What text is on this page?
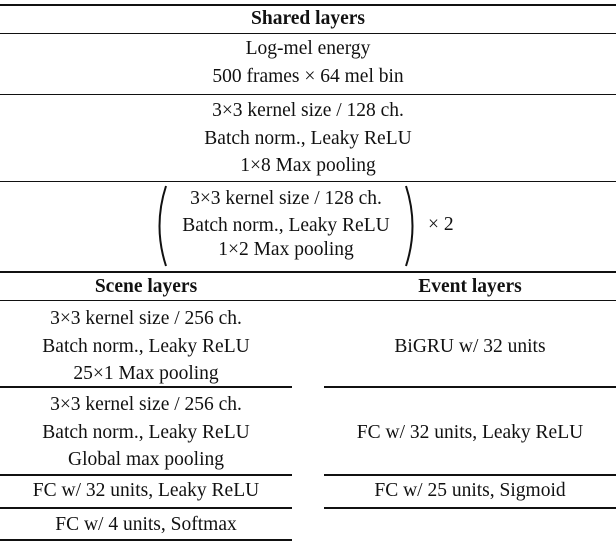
Shared layers
Log-mel energy
500 frames × 64 mel bin
3×3 kernel size / 128 ch.
Batch norm., Leaky ReLU
1×8 Max pooling
3×3 kernel size / 128 ch.
Batch norm., Leaky ReLU
1×2 Max pooling
× 2
Scene layers	Event layers
3×3 kernel size / 256 ch.
Batch norm., Leaky ReLU
25×1 Max pooling
3×3 kernel size / 256 ch.
Batch norm., Leaky ReLU
Global max pooling
FC w/ 32 units, Leaky ReLU
FC w/ 4 units, Softmax
BiGRU w/ 32 units
FC w/ 32 units, Leaky ReLU
FC w/ 25 units, Sigmoid
